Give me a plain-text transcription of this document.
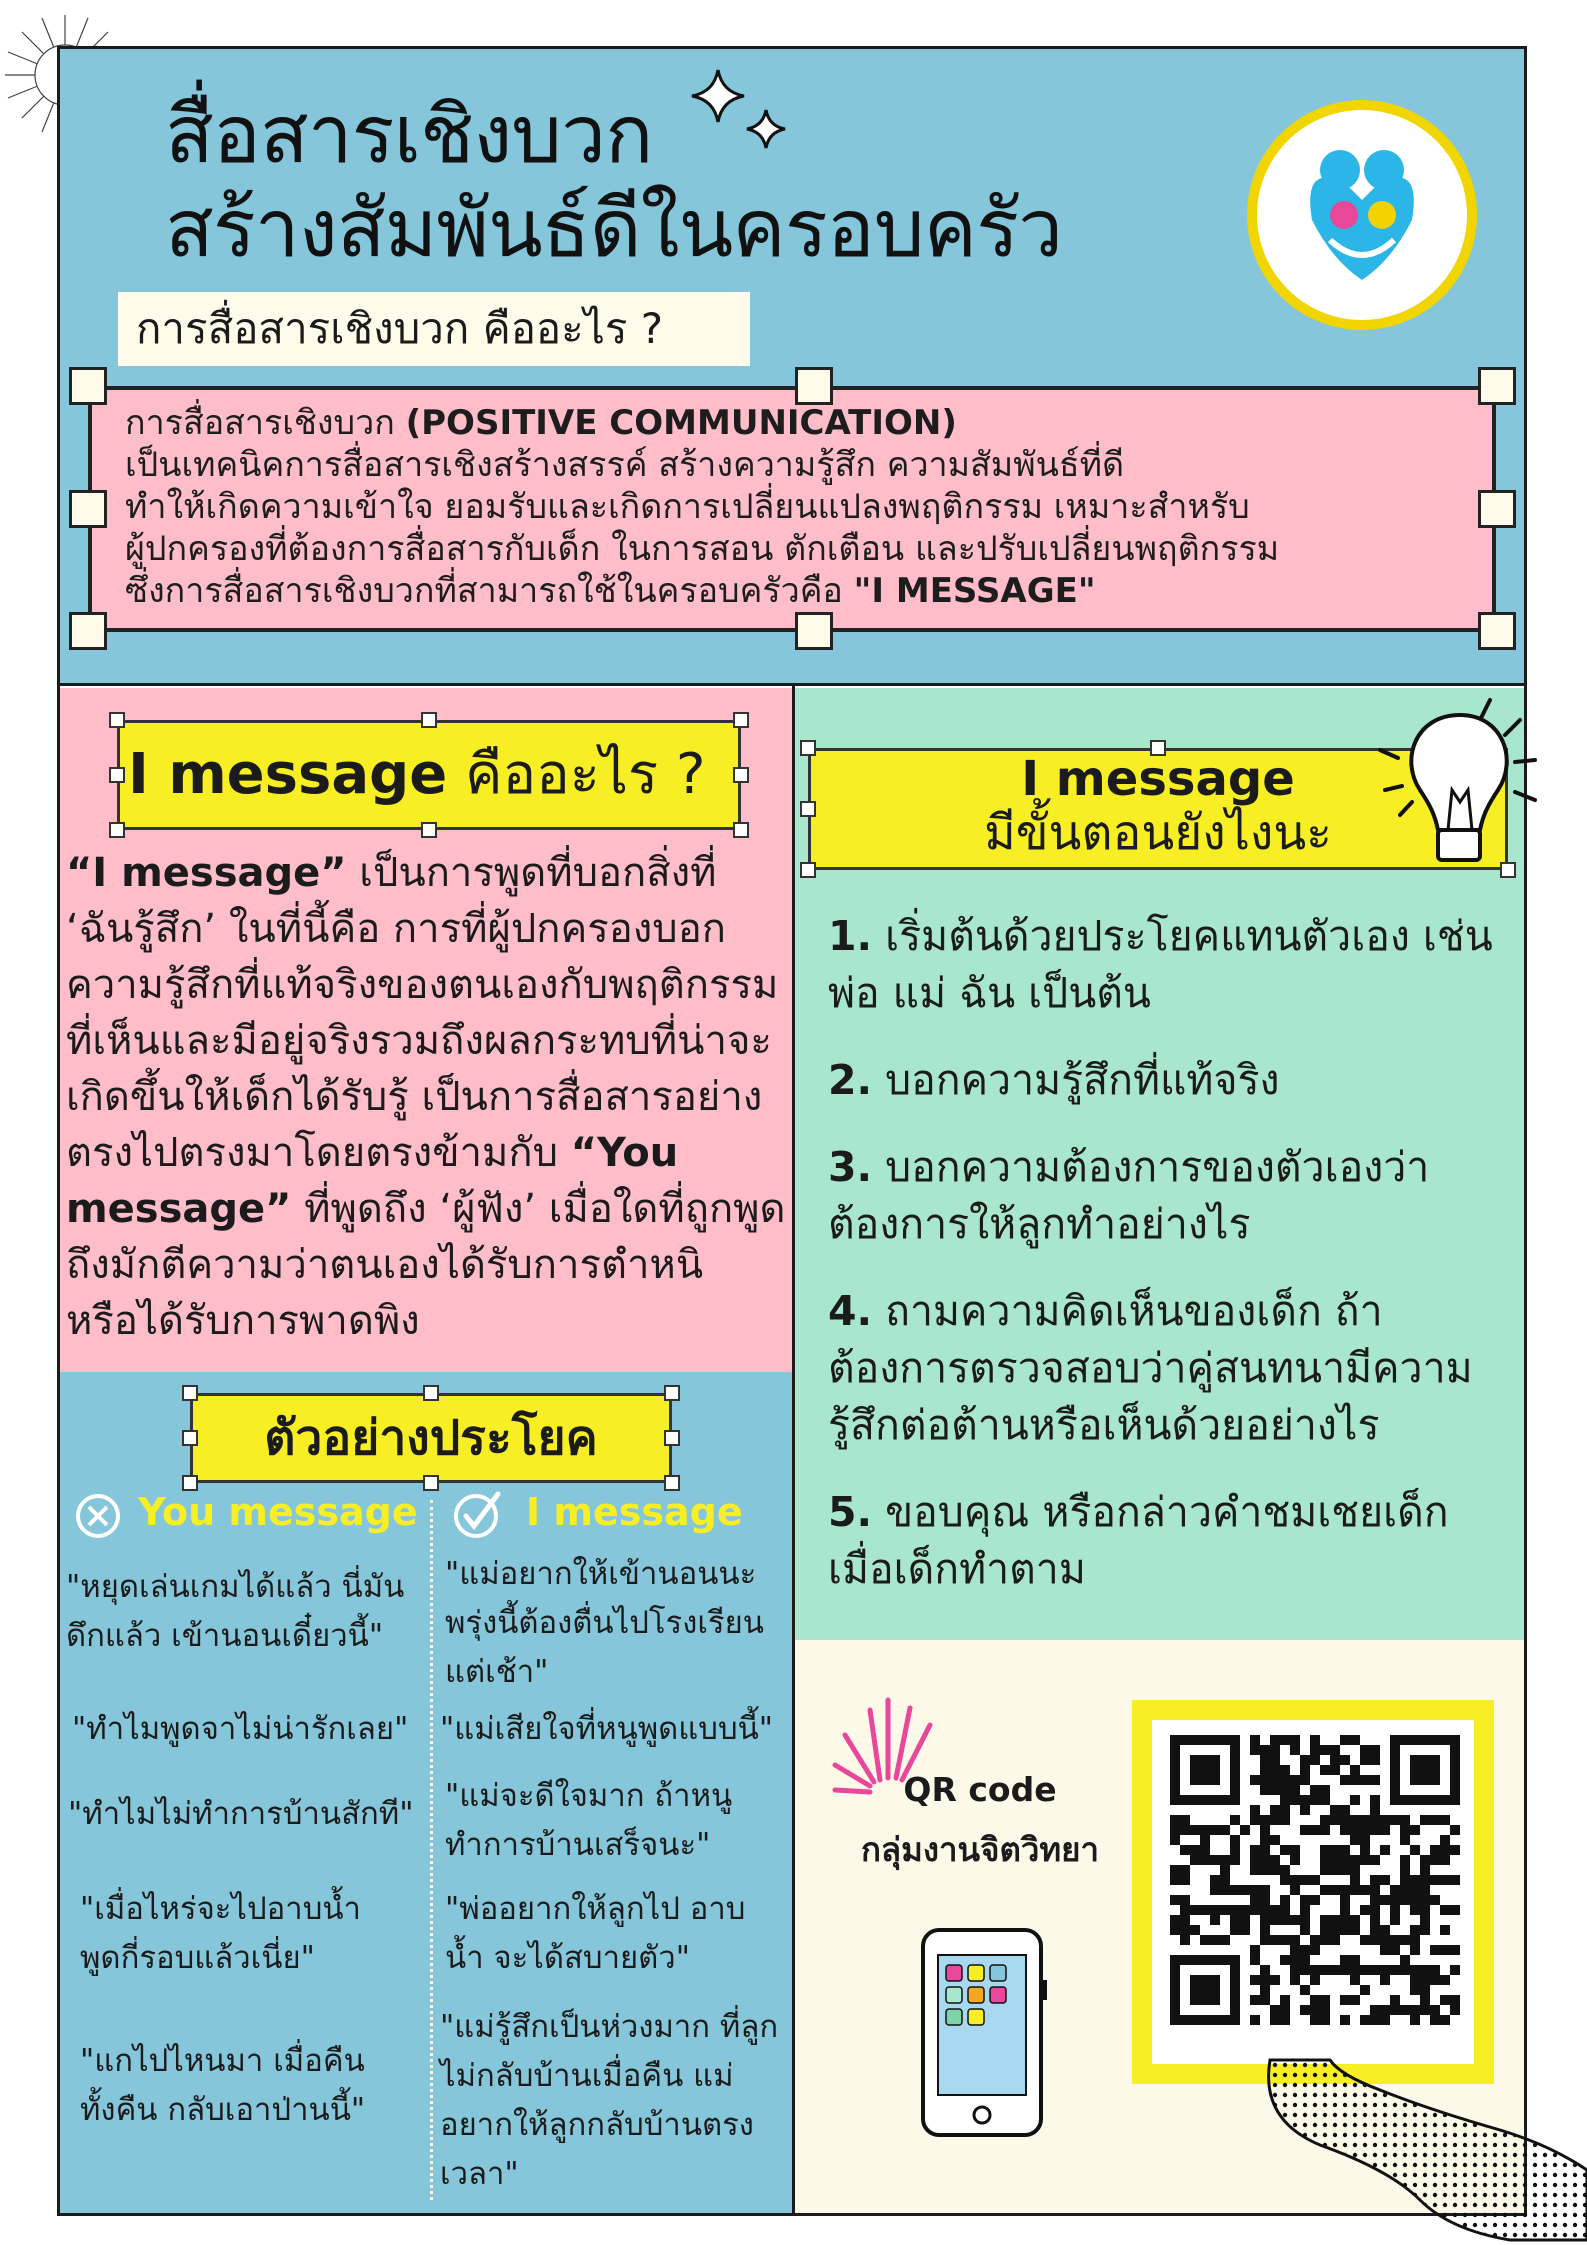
สื่อสารเชิงบวก
สร้างสัมพันธ์ดีในครอบครัว
การสื่อสารเชิงบวก คืออะไร ?
การสื่อสารเชิงบวก (POSITIVE COMMUNICATION)
เป็นเทคนิคการสื่อสารเชิงสร้างสรรค์ สร้างความรู้สึก ความสัมพันธ์ที่ดี
ทำให้เกิดความเข้าใจ ยอมรับและเกิดการเปลี่ยนแปลงพฤติกรรม เหมาะสำหรับ
ผู้ปกครองที่ต้องการสื่อสารกับเด็ก ในการสอน ตักเตือน และปรับเปลี่ยนพฤติกรรม
ซึ่งการสื่อสารเชิงบวกที่สามารถใช้ในครอบครัวคือ "I MESSAGE"
I message คืออะไร ?
“I message” เป็นการพูดที่บอกสิ่งที่ ‘ฉันรู้สึก’ ในที่นี้คือ การที่ผู้ปกครองบอกความรู้สึกที่แท้จริงของตนเองกับพฤติกรรมที่เห็นและมีอยู่จริงรวมถึงผลกระทบที่น่าจะเกิดขึ้นให้เด็กได้รับรู้ เป็นการสื่อสารอย่างตรงไปตรงมาโดยตรงข้ามกับ “You message” ที่พูดถึง ‘ผู้ฟัง’ เมื่อใดที่ถูกพูดถึงมักตีความว่าตนเองได้รับการตำหนิ หรือได้รับการพาดพิง
I message
มีขั้นตอนยังไงนะ
1. เริ่มต้นด้วยประโยคแทนตัวเอง เช่น พ่อ แม่ ฉัน เป็นต้น
2. บอกความรู้สึกที่แท้จริง
3. บอกความต้องการของตัวเองว่า ต้องการให้ลูกทำอย่างไร
4. ถามความคิดเห็นของเด็ก ถ้าต้องการตรวจสอบว่าคู่สนทนามีความรู้สึกต่อต้านหรือเห็นด้วยอย่างไร
5. ขอบคุณ หรือกล่าวคำชมเชยเด็ก เมื่อเด็กทำตาม
ตัวอย่างประโยค
You message	I message
"หยุดเล่นเกมได้แล้ว นี่มันดึกแล้ว เข้านอนเดี๋ยวนี้"
"ทำไมพูดจาไม่น่ารักเลย"
"ทำไมไม่ทำการบ้านสักที"
"เมื่อไหร่จะไปอาบน้ำ พูดกี่รอบแล้วเนี่ย"
"แกไปไหนมา เมื่อคืนทั้งคืน กลับเอาป่านนี้"
"แม่อยากให้เข้านอนนะ พรุ่งนี้ต้องตื่นไปโรงเรียนแต่เช้า"
"แม่เสียใจที่หนูพูดแบบนี้"
"แม่จะดีใจมาก ถ้าหนูทำการบ้านเสร็จนะ"
"พ่ออยากให้ลูกไป อาบน้ำ จะได้สบายตัว"
"แม่รู้สึกเป็นห่วงมาก ที่ลูกไม่กลับบ้านเมื่อคืน แม่อยากให้ลูกกลับบ้านตรงเวลา"
QR code
กลุ่มงานจิตวิทยา
